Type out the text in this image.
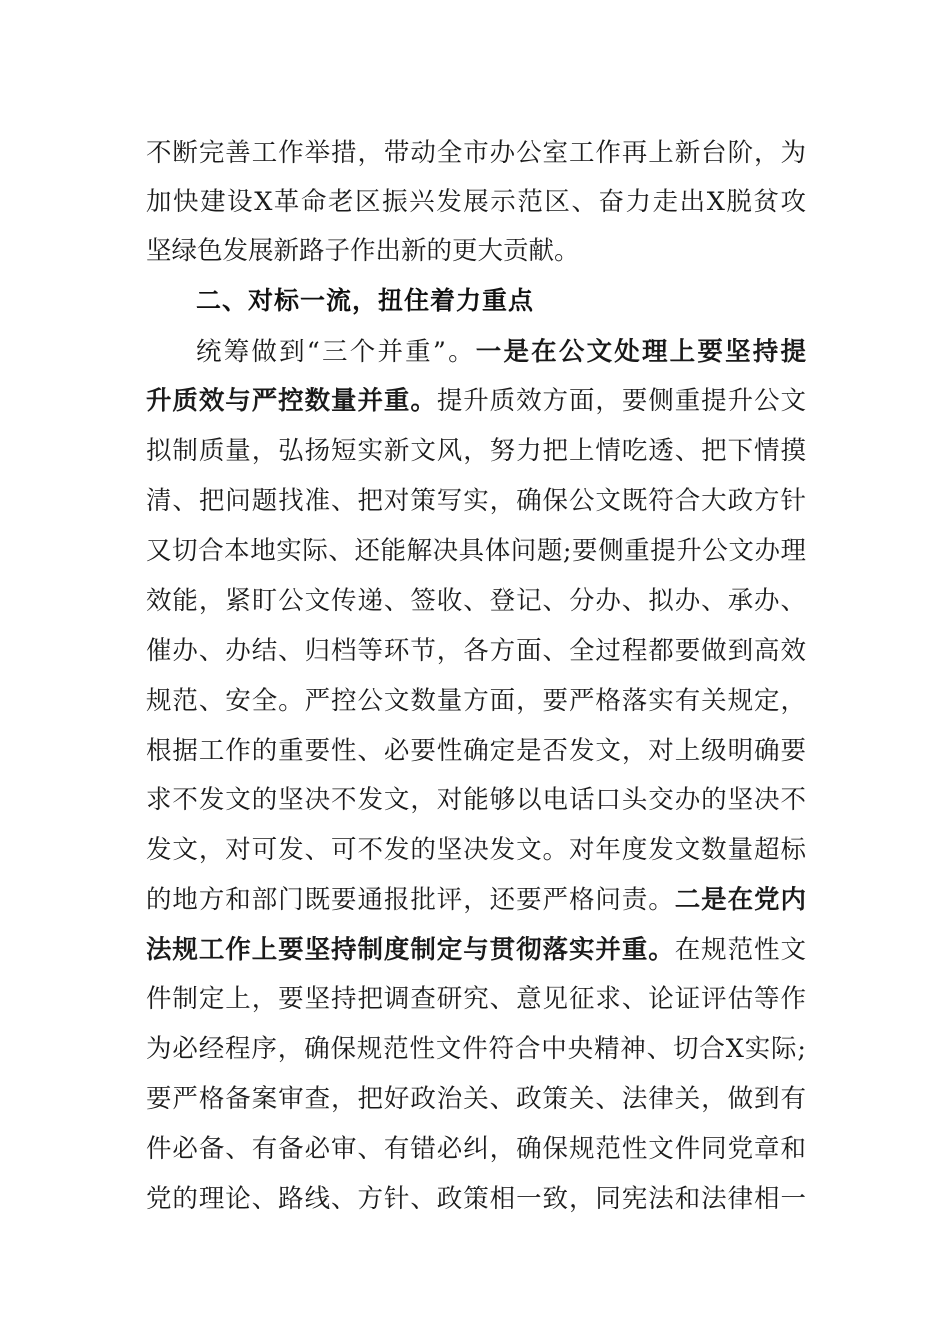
不断完善工作举措，带动全市办公室工作再上新台阶，为
加快建设X革命老区振兴发展示范区、奋力走出X脱贫攻
坚绿色发展新路子作出新的更大贡献。
二、对标一流，扭住着力重点
统筹做到“三个并重”。一是在公文处理上要坚持提
升质效与严控数量并重。提升质效方面，要侧重提升公文
拟制质量，弘扬短实新文风，努力把上情吃透、把下情摸
清、把问题找准、把对策写实，确保公文既符合大政方针
又切合本地实际、还能解决具体问题;要侧重提升公文办理
效能，紧盯公文传递、签收、登记、分办、拟办、承办、
催办、办结、归档等环节，各方面、全过程都要做到高效
规范、安全。严控公文数量方面，要严格落实有关规定，
根据工作的重要性、必要性确定是否发文，对上级明确要
求不发文的坚决不发文，对能够以电话口头交办的坚决不
发文，对可发、可不发的坚决发文。对年度发文数量超标
的地方和部门既要通报批评，还要严格问责。二是在党内
法规工作上要坚持制度制定与贯彻落实并重。在规范性文
件制定上，要坚持把调查研究、意见征求、论证评估等作
为必经程序，确保规范性文件符合中央精神、切合X实际;
要严格备案审查，把好政治关、政策关、法律关，做到有
件必备、有备必审、有错必纠，确保规范性文件同党章和
党的理论、路线、方针、政策相一致，同宪法和法律相一
